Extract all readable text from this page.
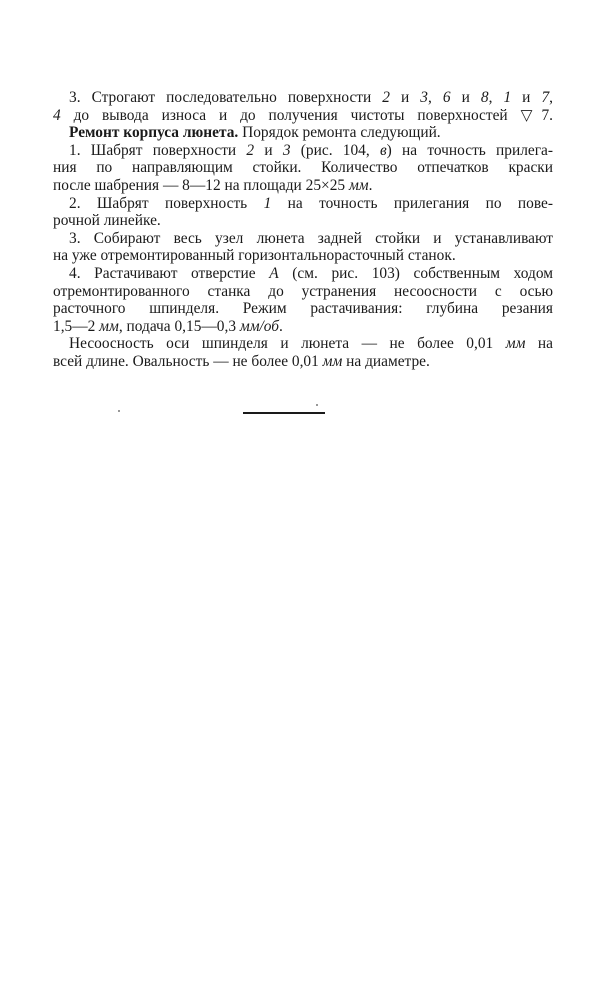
3. Строгают последовательно поверхности 2 и 3, 6 и 8, 1 и 7,
4 до вывода износа и до получения чистоты поверхностей ▽7.
Ремонт корпуса люнета. Порядок ремонта следующий.
1. Шабрят поверхности 2 и 3 (рис. 104, в) на точность прилега-
ния по направляющим стойки. Количество отпечатков краски
после шабрения — 8—12 на площади 25×25 мм.
2. Шабрят поверхность 1 на точность прилегания по пове-
рочной линейке.
3. Собирают весь узел люнета задней стойки и устанавливают
на уже отремонтированный горизонтальнорасточный станок.
4. Растачивают отверстие А (см. рис. 103) собственным ходом
отремонтированного станка до устранения несоосности с осью
расточного шпинделя. Режим растачивания: глубина резания
1,5—2 мм, подача 0,15—0,3 мм/об.
Несоосность оси шпинделя и люнета — не более 0,01 мм на
всей длине. Овальность — не более 0,01 мм на диаметре.
